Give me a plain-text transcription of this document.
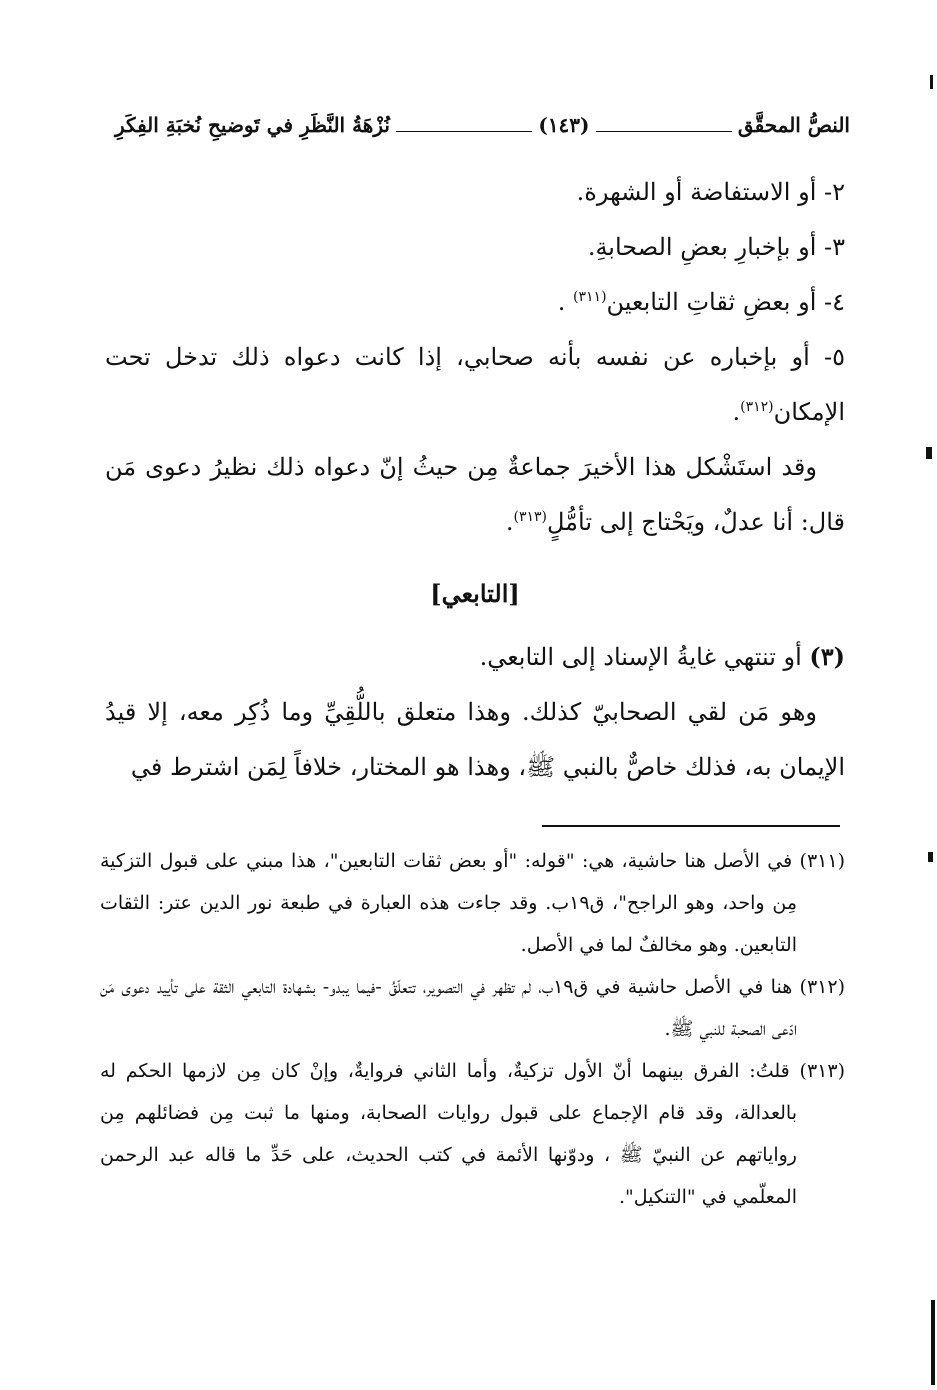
النصُّ المحقَّق
(١٤٣)
نُزْهَةُ النَّظَرِ في تَوضيحِ نُخبَةِ الفِكَرِ

٢- أو الاستفاضة أو الشهرة.

٣- أو بإخبارِ بعضِ الصحابةِ.

٤- أو بعضِ ثقاتِ التابعين$^{(٣١١)}$ .

٥- أو بإخباره عن نفسه بأنه صحابي، إذا كانت دعواه ذلك تدخل تحت الإمكان$^{(٣١٢)}$.

وقد استَشْكل هذا الأخيرَ جماعةٌ مِن حيثُ إنّ دعواه ذلك نظيرُ دعوى مَن قال: أنا عدلٌ، ويَحْتاج إلى تأمُّلٍ$^{(٣١٣)}$.

[التابعي]

(٣) أو تنتهي غايةُ الإسناد إلى التابعي.

وهو مَن لقي الصحابيّ كذلك. وهذا متعلق باللُّقِيِّ وما ذُكِر معه، إلا قيدُ الإيمان به، فذلك خاصٌّ بالنبي ﷺ، وهذا هو المختار، خلافاً لِمَن اشترط في

(٣١١) في الأصل هنا حاشية، هي: "قوله: "أو بعض ثقات التابعين"، هذا مبني على قبول التزكية مِن واحد، وهو الراجح"، ق١٩ب. وقد جاءت هذه العبارة في طبعة نور الدين عتر: الثقات التابعين. وهو مخالفٌ لما في الأصل.

(٣١٢) هنا في الأصل حاشية في ق١٩ب، لم تظهر في التصوير، تتعلّقُ -فيما يبدو- بشهادة التابعي الثقة على تأييد دعوى مَن ادّعى الصحبة للنبي ﷺ.

(٣١٣) قلتُ: الفرق بينهما أنّ الأول تزكيةٌ، وأما الثاني فروايةٌ، وإنْ كان مِن لازمها الحكم له بالعدالة، وقد قام الإجماع على قبول روايات الصحابة، ومنها ما ثبت مِن فضائلهم مِن رواياتهم عن النبيّ ﷺ ، ودوّنها الأئمة في كتب الحديث، على حَدِّ ما قاله عبد الرحمن المعلّمي في "التنكيل".
